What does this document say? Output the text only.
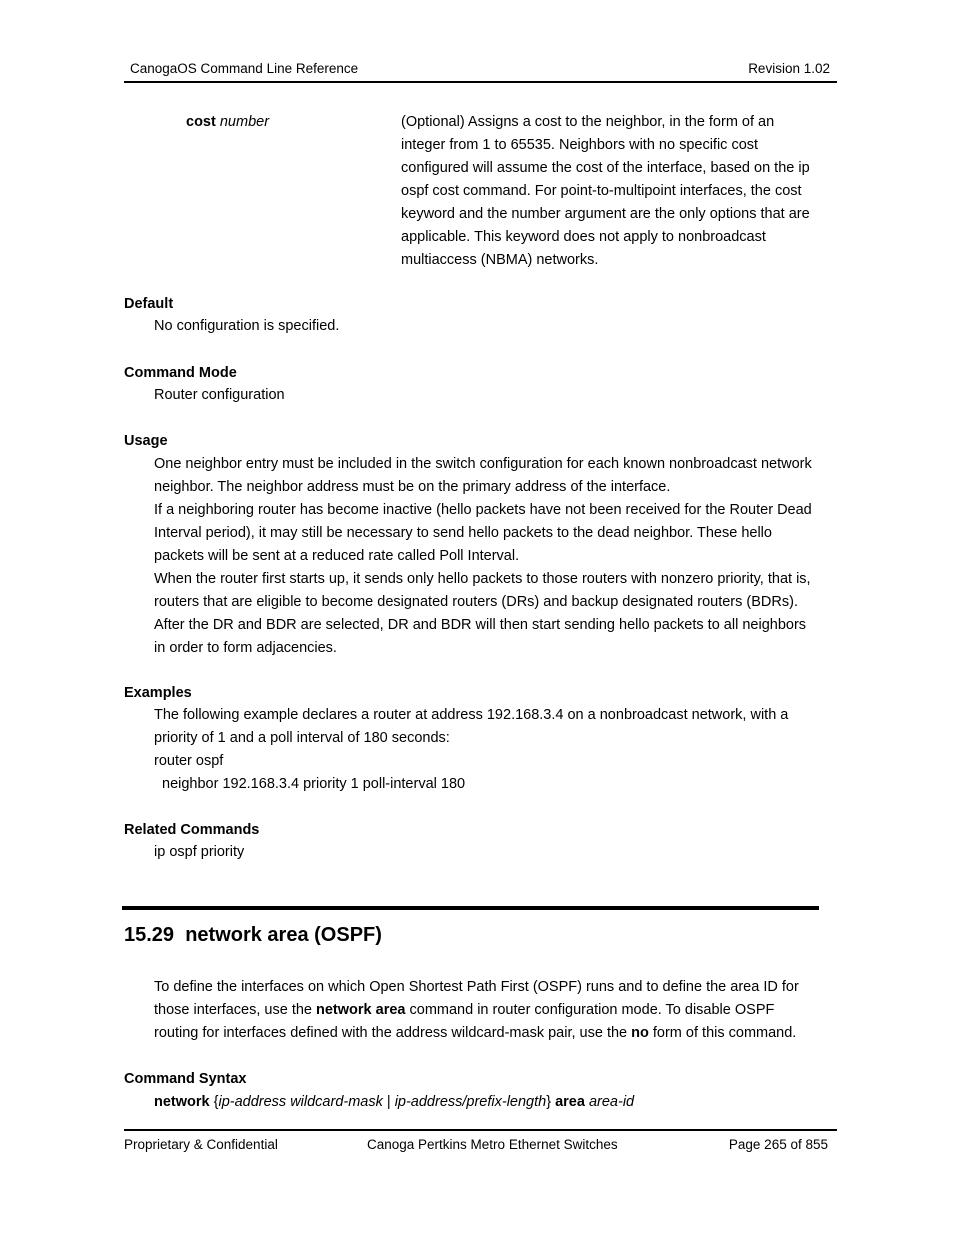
CanogaOS Command Line Reference	Revision 1.02
cost number	(Optional) Assigns a cost to the neighbor, in the form of an
integer from 1 to 65535. Neighbors with no specific cost
configured will assume the cost of the interface, based on the ip
ospf cost command. For point-to-multipoint interfaces, the cost
keyword and the number argument are the only options that are
applicable. This keyword does not apply to nonbroadcast
multiaccess (NBMA) networks.
Default
No configuration is specified.
Command Mode
Router configuration
Usage
One neighbor entry must be included in the switch configuration for each known nonbroadcast network
neighbor. The neighbor address must be on the primary address of the interface.
If a neighboring router has become inactive (hello packets have not been received for the Router Dead
Interval period), it may still be necessary to send hello packets to the dead neighbor. These hello
packets will be sent at a reduced rate called Poll Interval.
When the router first starts up, it sends only hello packets to those routers with nonzero priority, that is,
routers that are eligible to become designated routers (DRs) and backup designated routers (BDRs).
After the DR and BDR are selected, DR and BDR will then start sending hello packets to all neighbors
in order to form adjacencies.
Examples
The following example declares a router at address 192.168.3.4 on a nonbroadcast network, with a
priority of 1 and a poll interval of 180 seconds:
router ospf
neighbor 192.168.3.4 priority 1 poll-interval 180
Related Commands
ip ospf priority
15.29 network area (OSPF)
To define the interfaces on which Open Shortest Path First (OSPF) runs and to define the area ID for
those interfaces, use the network area command in router configuration mode. To disable OSPF
routing for interfaces defined with the address wildcard-mask pair, use the no form of this command.
Command Syntax
network {ip-address wildcard-mask | ip-address/prefix-length} area area-id
Proprietary & Confidential	Canoga Pertkins Metro Ethernet Switches	Page 265 of 855
